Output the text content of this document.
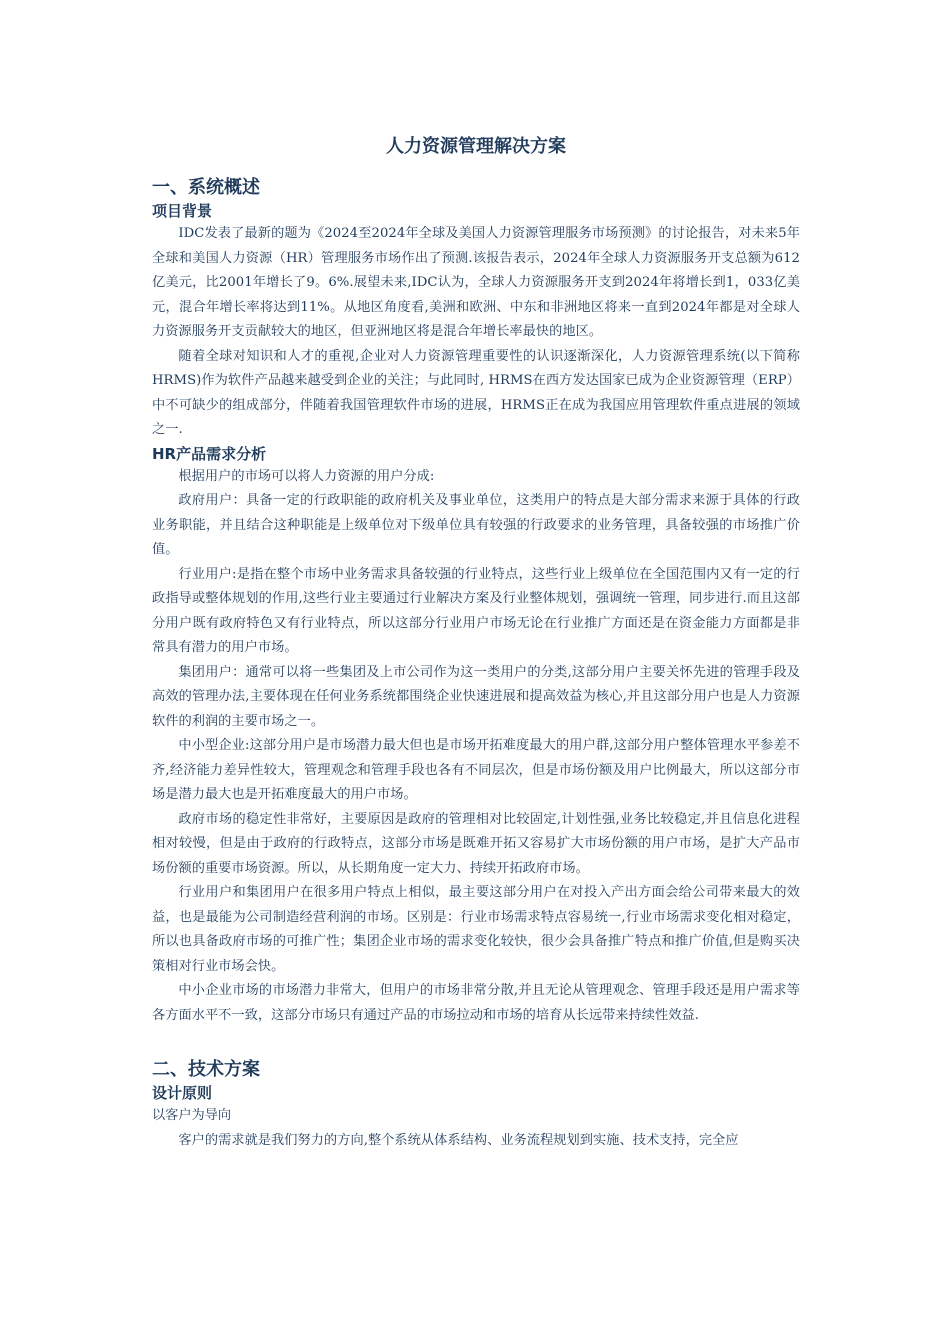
人力资源管理解决方案
一、系统概述
项目背景

IDC发表了最新的题为《2024至2024年全球及美国人力资源管理服务市场预测》的讨论报告，对未来5年全球和美国人力资源（HR）管理服务市场作出了预测.该报告表示，2024年全球人力资源服务开支总额为612亿美元，比2001年增长了9。6%.展望未来,IDC认为，全球人力资源服务开支到2024年将增长到1，033亿美元，混合年增长率将达到11%。从地区角度看,美洲和欧洲、中东和非洲地区将来一直到2024年都是对全球人力资源服务开支贡献较大的地区，但亚洲地区将是混合年增长率最快的地区。

随着全球对知识和人才的重视,企业对人力资源管理重要性的认识逐渐深化，人力资源管理系统(以下简称HRMS)作为软件产品越来越受到企业的关注；与此同时, HRMS在西方发达国家已成为企业资源管理（ERP）中不可缺少的组成部分，伴随着我国管理软件市场的进展，HRMS正在成为我国应用管理软件重点进展的领域之一.

HR产品需求分析

根据用户的市场可以将人力资源的用户分成:

政府用户：具备一定的行政职能的政府机关及事业单位，这类用户的特点是大部分需求来源于具体的行政业务职能，并且结合这种职能是上级单位对下级单位具有较强的行政要求的业务管理，具备较强的市场推广价值。

行业用户:是指在整个市场中业务需求具备较强的行业特点，这些行业上级单位在全国范围内又有一定的行政指导或整体规划的作用,这些行业主要通过行业解决方案及行业整体规划，强调统一管理，同步进行.而且这部分用户既有政府特色又有行业特点，所以这部分行业用户市场无论在行业推广方面还是在资金能力方面都是非常具有潜力的用户市场。

集团用户：通常可以将一些集团及上市公司作为这一类用户的分类,这部分用户主要关怀先进的管理手段及高效的管理办法,主要体现在任何业务系统都围绕企业快速进展和提高效益为核心,并且这部分用户也是人力资源软件的利润的主要市场之一。

中小型企业:这部分用户是市场潜力最大但也是市场开拓难度最大的用户群,这部分用户整体管理水平参差不齐,经济能力差异性较大，管理观念和管理手段也各有不同层次，但是市场份额及用户比例最大，所以这部分市场是潜力最大也是开拓难度最大的用户市场。

政府市场的稳定性非常好，主要原因是政府的管理相对比较固定,计划性强,业务比较稳定,并且信息化进程相对较慢，但是由于政府的行政特点，这部分市场是既难开拓又容易扩大市场份额的用户市场，是扩大产品市场份额的重要市场资源。所以，从长期角度一定大力、持续开拓政府市场。

行业用户和集团用户在很多用户特点上相似，最主要这部分用户在对投入产出方面会给公司带来最大的效益，也是最能为公司制造经营利润的市场。区别是：行业市场需求特点容易统一,行业市场需求变化相对稳定，所以也具备政府市场的可推广性；集团企业市场的需求变化较快，很少会具备推广特点和推广价值,但是购买决策相对行业市场会快。

中小企业市场的市场潜力非常大，但用户的市场非常分散,并且无论从管理观念、管理手段还是用户需求等各方面水平不一致，这部分市场只有通过产品的市场拉动和市场的培育从长远带来持续性效益.

二、技术方案
设计原则

以客户为导向

客户的需求就是我们努力的方向,整个系统从体系结构、业务流程规划到实施、技术支持，完全应
